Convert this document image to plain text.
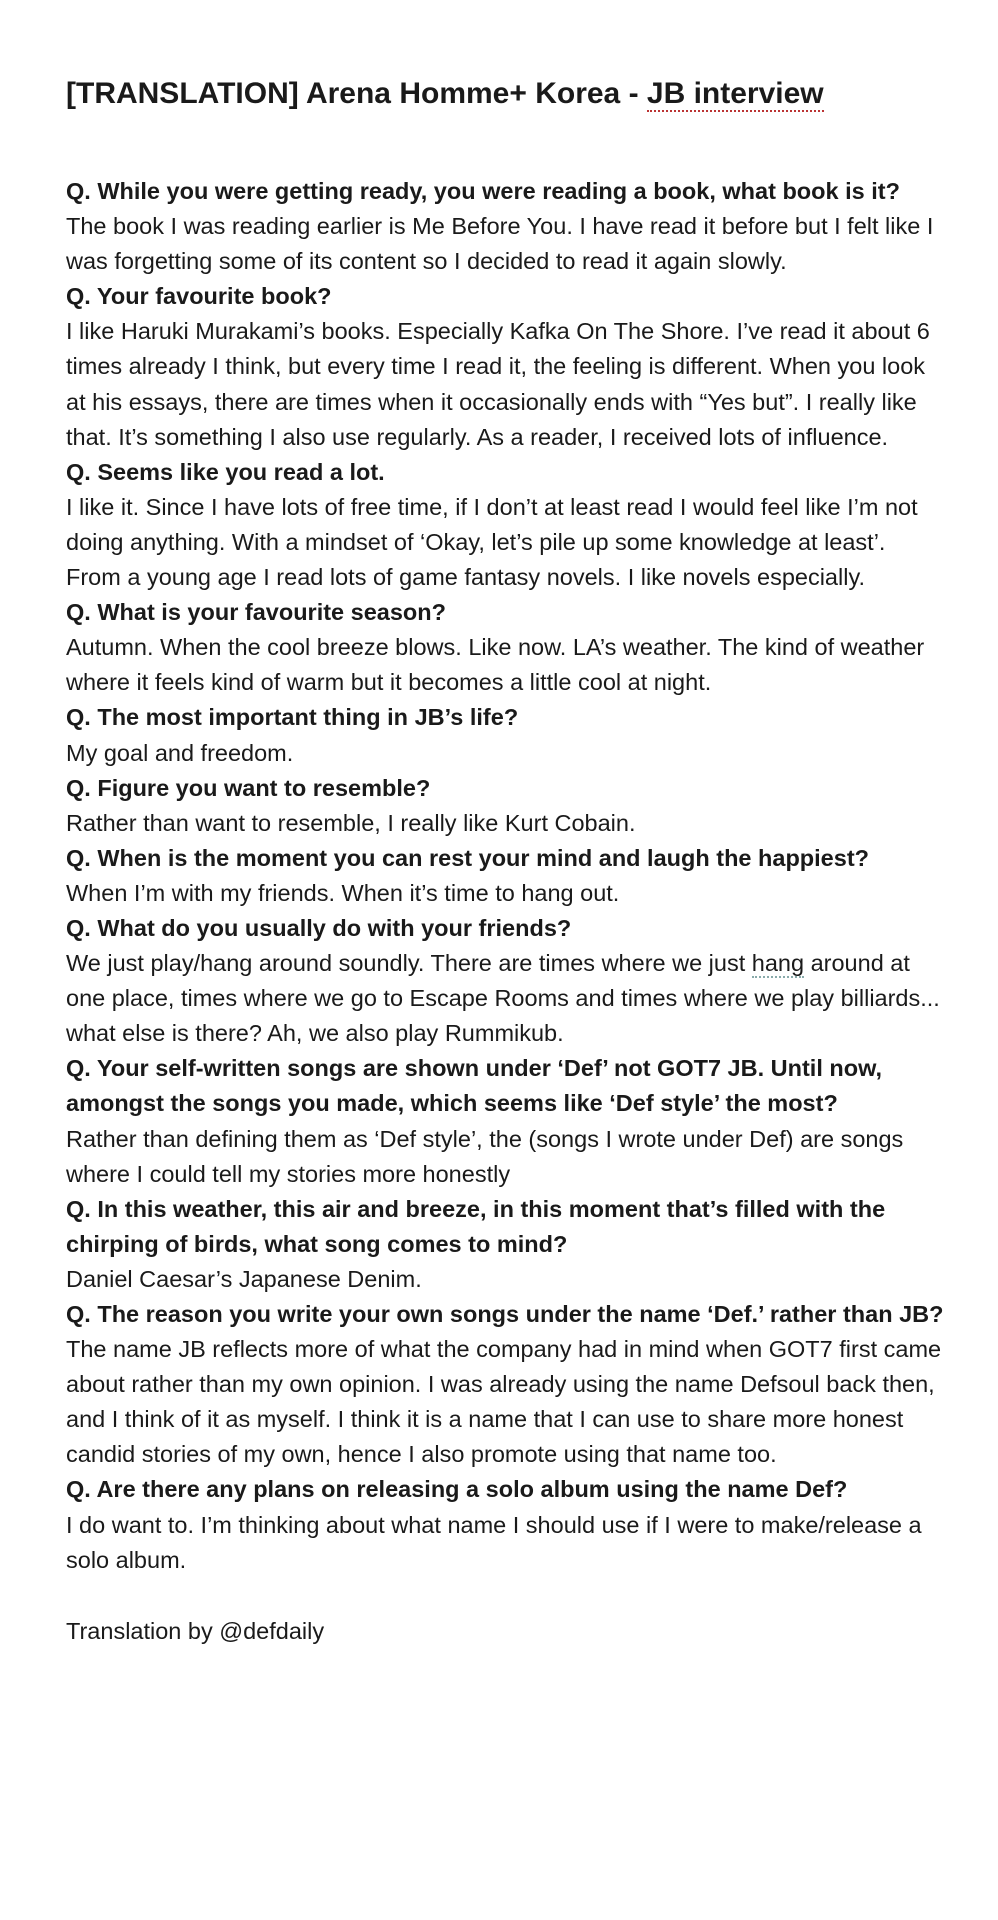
[TRANSLATION] Arena Homme+ Korea - JB interview

Q. While you were getting ready, you were reading a book, what book is it?

The book I was reading earlier is Me Before You. I have read it before but I felt like I was forgetting some of its content so I decided to read it again slowly.

Q. Your favourite book?

I like Haruki Murakami’s books. Especially Kafka On The Shore. I’ve read it about 6 times already I think, but every time I read it, the feeling is different. When you look at his essays, there are times when it occasionally ends with “Yes but”. I really like that. It’s something I also use regularly. As a reader, I received lots of influence.

Q. Seems like you read a lot.

I like it. Since I have lots of free time, if I don’t at least read I would feel like I’m not doing anything. With a mindset of ‘Okay, let’s pile up some knowledge at least’. From a young age I read lots of game fantasy novels. I like novels especially.

Q. What is your favourite season?

Autumn. When the cool breeze blows. Like now. LA’s weather. The kind of weather where it feels kind of warm but it becomes a little cool at night.

Q. The most important thing in JB’s life?

My goal and freedom.

Q. Figure you want to resemble?

Rather than want to resemble, I really like Kurt Cobain.

Q. When is the moment you can rest your mind and laugh the happiest?

When I’m with my friends. When it’s time to hang out.

Q. What do you usually do with your friends?

We just play/hang around soundly. There are times where we just hang around at one place, times where we go to Escape Rooms and times where we play billiards... what else is there? Ah, we also play Rummikub.

Q. Your self-written songs are shown under ‘Def’ not GOT7 JB. Until now, amongst the songs you made, which seems like ‘Def style’ the most?

Rather than defining them as ‘Def style’, the (songs I wrote under Def) are songs where I could tell my stories more honestly

Q. In this weather, this air and breeze, in this moment that’s filled with the chirping of birds, what song comes to mind?

Daniel Caesar’s Japanese Denim.

Q. The reason you write your own songs under the name ‘Def.’ rather than JB?

The name JB reflects more of what the company had in mind when GOT7 first came about rather than my own opinion. I was already using the name Defsoul back then, and I think of it as myself. I think it is a name that I can use to share more honest candid stories of my own, hence I also promote using that name too.

Q. Are there any plans on releasing a solo album using the name Def?

I do want to. I’m thinking about what name I should use if I were to make/release a solo album.

Translation by @defdaily
